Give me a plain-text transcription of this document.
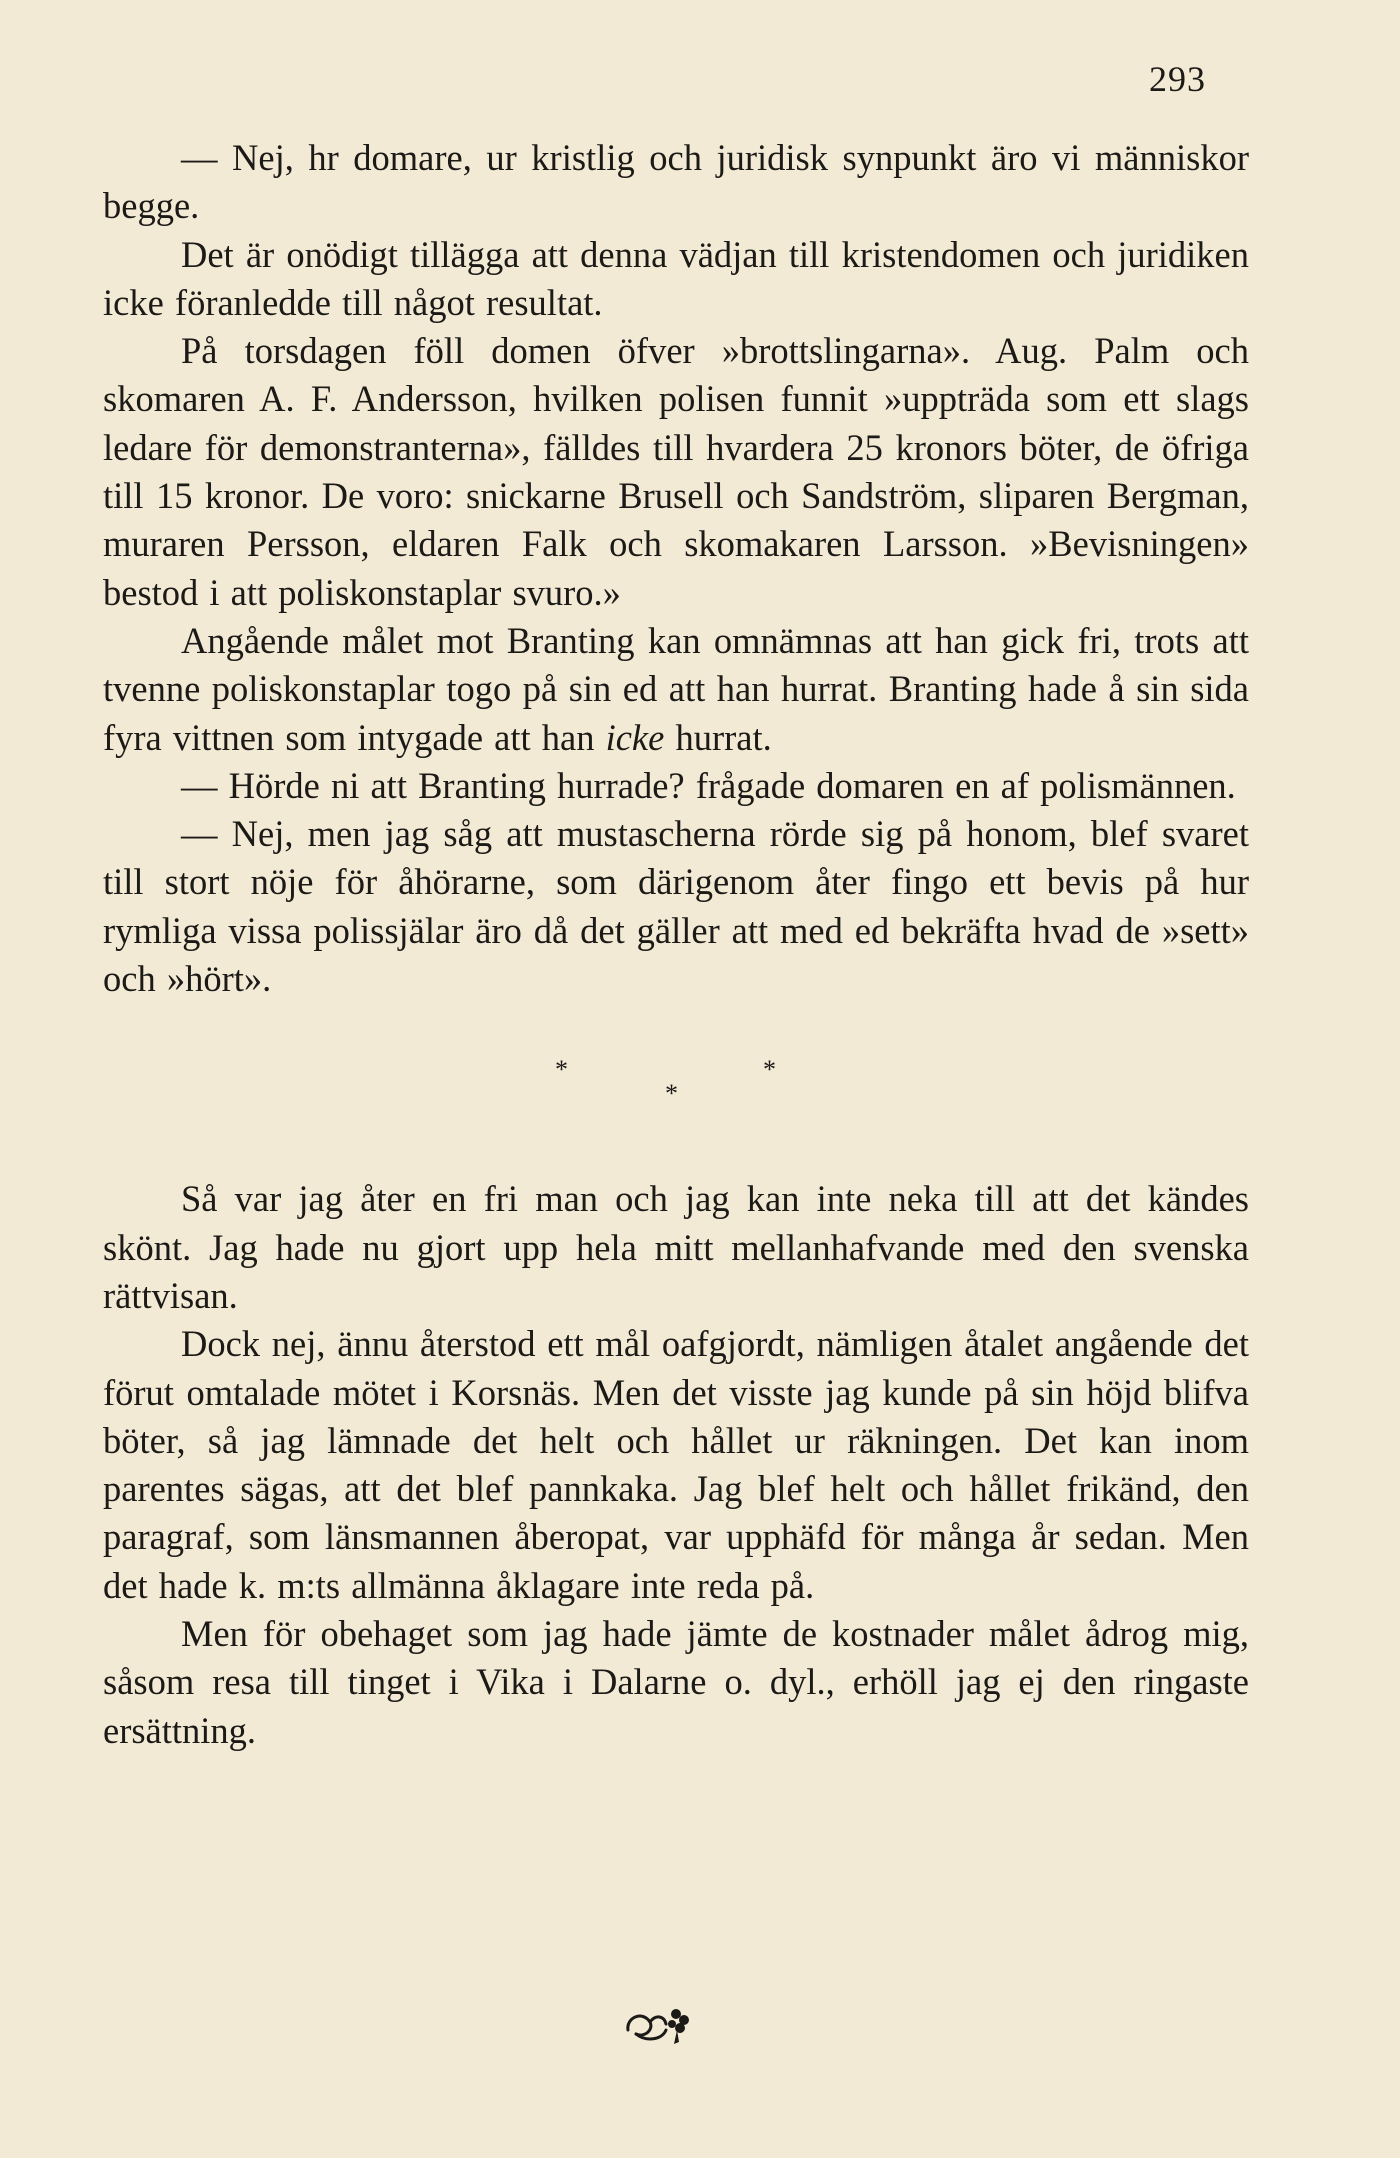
293

— Nej, hr domare, ur kristlig och juridisk synpunkt äro vi människor begge.

Det är onödigt tillägga att denna vädjan till kristendomen och juridiken icke föranledde till något resultat.

På torsdagen föll domen öfver »brottslingarna». Aug. Palm och skomaren A. F. Andersson, hvilken polisen funnit »uppträda som ett slags ledare för demonstranterna», fälldes till hvardera 25 kronors böter, de öfriga till 15 kronor. De voro: snickarne Brusell och Sandström, sliparen Bergman, muraren Persson, eldaren Falk och skomakaren Larsson. »Bevisningen» bestod i att poliskonstaplar svuro.»

Angående målet mot Branting kan omnämnas att han gick fri, trots att tvenne poliskonstaplar togo på sin ed att han hurrat. Branting hade å sin sida fyra vittnen som intygade att han icke hurrat.

— Hörde ni att Branting hurrade? frågade domaren en af polismännen.

— Nej, men jag såg att mustascherna rörde sig på honom, blef svaret till stort nöje för åhörarne, som därigenom åter fingo ett bevis på hur rymliga vissa polissjälar äro då det gäller att med ed bekräfta hvad de »sett» och »hört».

*	*
*

Så var jag åter en fri man och jag kan inte neka till att det kändes skönt. Jag hade nu gjort upp hela mitt mellanhafvande med den svenska rättvisan.

Dock nej, ännu återstod ett mål oafgjordt, nämligen åtalet angående det förut omtalade mötet i Korsnäs. Men det visste jag kunde på sin höjd blifva böter, så jag lämnade det helt och hållet ur räkningen. Det kan inom parentes sägas, att det blef pannkaka. Jag blef helt och hållet frikänd, den paragraf, som länsmannen åberopat, var upphäfd för många år sedan. Men det hade k. m:ts allmänna åklagare inte reda på.

Men för obehaget som jag hade jämte de kostnader målet ådrog mig, såsom resa till tinget i Vika i Dalarne o. dyl., erhöll jag ej den ringaste ersättning.
